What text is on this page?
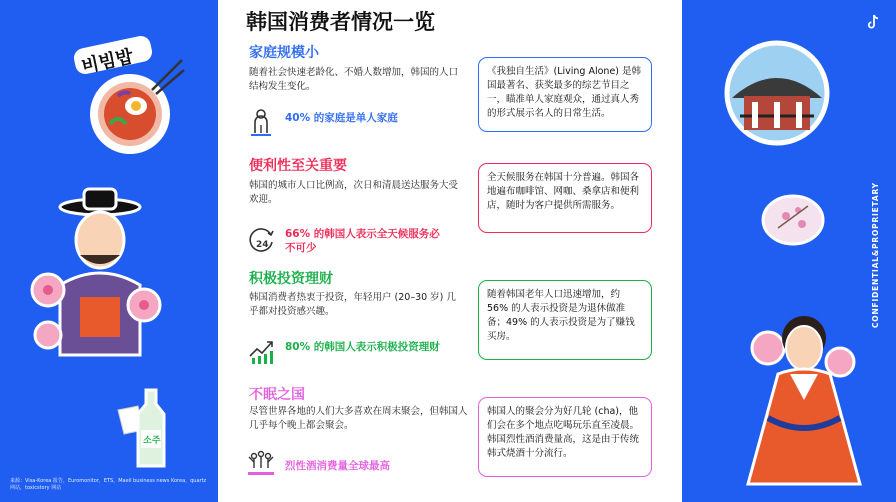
韩国消费者情况一览
家庭规模小
随着社会快速老龄化、不婚人数增加，韩国的人口结构发生变化。
40% 的家庭是单人家庭
《我独自生活》(Living Alone) 是韩国最著名、获奖最多的综艺节目之一，瞄准单人家庭观众，通过真人秀的形式展示名人的日常生活。
便利性至关重要
韩国的城市人口比例高，次日和清晨送达服务大受欢迎。
24
66% 的韩国人表示全天候服务必不可少
全天候服务在韩国十分普遍。韩国各地遍布咖啡馆、网咖、桑拿店和便利店，随时为客户提供所需服务。
积极投资理财
韩国消费者热衷于投资，年轻用户 (20–30 岁) 几乎都对投资感兴趣。
80% 的韩国人表示积极投资理财
随着韩国老年人口迅速增加，约 56% 的人表示投资是为退休做准备；49% 的人表示投资是为了赚钱买房。
不眠之国
尽管世界各地的人们大多喜欢在周末聚会，但韩国人几乎每个晚上都会聚会。
烈性酒消费量全球最高
韩国人的聚会分为好几轮 (cha)，他们会在多个地点吃喝玩乐直至凌晨。韩国烈性酒消费量高，这是由于传统韩式烧酒十分流行。
来源：Visa-Korea 报告，Euromonitor，ETS，Maeil business news Korea，quartz 网站，toxicstory 网站
CONFIDENTIAL&PROPRIETARY
비빔밥
소주
